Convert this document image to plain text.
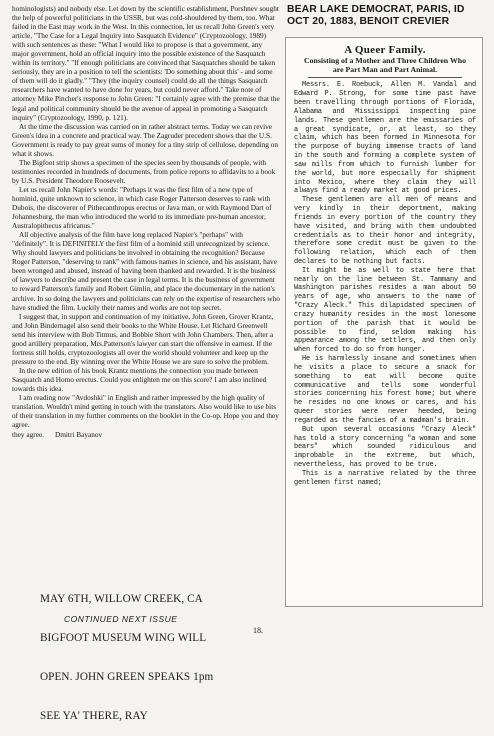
hominologists) and nobody else. Let down by the scientific establishment, Porshnev sought the help of powerful politicians in the USSR, but was cold-shouldered by them, too. What failed in the East may work in the West. In this connection, let us recall John Green's very article, "The Case for a Legal Inquiry into Sasquatch Evidence" (Cryptozoology, 1989) with such sentences as these: "What I would like to propose is that a government, any major government, hold an official inquiry into the possible existence of the Sasquatch within its territory." "If enough politicians are convinced that Sasquatches should be taken seriously, they are in a position to tell the scientists: 'Do something about this' - and some of them will do it gladly." "They (the inquiry counsel) could do all the things Sasquatch researchers have wanted to have done for years, but could never afford." Take note of attorney Mike Pincher's response to John Green: "I certainly agree with the premise that the legal and political community should be the avenue of appeal in promoting a Sasquatch inquiry" (Cryptozoology, 1990, p. 121).

At the time the discussion was carried on in rather abstract terms. Today we can revive Green's idea in a concrete and practical way. The Zagruder precedent shows that the U.S. Government is ready to pay great sums of money for a tiny strip of cellulose, depending on what it shows.

The Bigfoot strip shows a specimen of the species seen by thousands of people, with testimonies recorded in hundreds of documents, from police reports to affidavits to a book by U.S. President Theodore Roosevelt.

Let us recall John Napier's words: "Perhaps it was the first film of a new type of hominid, quite unknown to science, in which case Roger Patterson deserves to rank with Dubois, the discoverer of Pithecanthropus erectus or Java man, or with Raymond Dart of Johannesburg, the man who introduced the world to its immediate pre-human ancestor, Australopithecus africanus."

All objective analysis of the film have long replaced Napier's "perhaps" with "definitely". It is DEFINITELY the first film of a hominid still unrecognized by science. Why should lawyers and politicians be involved in obtaining the recognition? Because Roger Patterson, "deserving to rank" with famous names in science, and his assistant, have been wronged and abused, instead of having been thanked and rewarded. It is the business of lawyers to describe and present the case in legal terms. It is the business of government to reward Patterson's family and Robert Gimlin, and place the documentary in the nation's archive. In so doing the lawyers and politicians can rely on the expertise of researchers who have studied the film. Luckily their names and works are not top secret.

I suggest that, in support and continuation of my initiative, John Green, Grover Krantz, and John Bindernagel also send their books to the White House. Let Richard Greenwell send his interview with Bob Titmus, and Bobbie Short with John Chambers. Then, after a good artillery preparation, Mrs.Patterson's lawyer can start the offensive in earnest. If the fortress still holds, cryptozoologists all over the world should volunteer and keep up the pressure to the end. By winning over the White House we are sure to solve the problem.

In the new edition of his book Krantz mentions the connection you made between Sasquatch and Homo erectus. Could you enlighten me on this score? I am also inclined towards this idea.

I am reading now "Avdoshki" in English and rather impressed by the high quality of translation. Wouldn't mind getting in touch with the translators. Also would like to use bits of their translation in my further comments on the booklet in the Co-op. Hope you and they agree.

they agree.      Dmitri Bayanov

MAY 6TH, WILLOW CREEK, CA

BIGFOOT MUSEUM WING WILL

OPEN. JOHN GREEN SPEAKS 1pm

SEE YA' THERE, RAY

BEAR LAKE DEMOCRAT, PARIS, ID
OCT 20, 1883, BENOIT CREVIER
A Queer Family.
Consisting of a Mother and Three Children Who are Part Man and Part Animal.

Messrs. E. Roebuck, Allen M. Vandal and Edward P. Strong, for some time past have been travelling through portions of Florida, Alabama and Mississippi inspecting pine lands. These gentlemen are the emissaries of a great syndicate, or, at least, so they claim, which has been formed in Minnesota for the purpose of buying immense tracts of land in the south and forming a complete system of saw mills from which to furnish lumber for the world, but more especially for shipment into Mexico, where they claim they will always find a ready market at good prices.

These gentlemen are all men of means and very kindly in their deportment, making friends in every portion of the country they have visited, and bring with them undoubted credentials as to their honor and integrity, therefore some credit must be given to the following relation, which each of them declares to be nothing but facts.

It might be as well to state here that nearly on the line between St. Tammany and Washington parishes resides a man about 50 years of age, who answers to the name of "Crazy Aleck." This dilapidated specimen of crazy humanity resides in the most lonesome portion of the parish that it would be possible to find, seldom making his appearance among the settlers, and then only when forced to do so from hunger.

He is harmlessly insane and sometimes when he visits a place to secure a snack for something to eat will become quite communicative and tells some wonderful stories concerning his forest home; but where he resides no one knows or cares, and his queer stories were never heeded, being regarded as the fancies of a madman's brain.

But upon several occasions "Crazy Aleck" has told a story concerning "a woman and some bears" which sounded ridiculous and improbable in the extreme, but which, nevertheless, has proved to be true.

This is a narrative related by the three gentlemen first named;

CONTINUED NEXT ISSUE
18.
